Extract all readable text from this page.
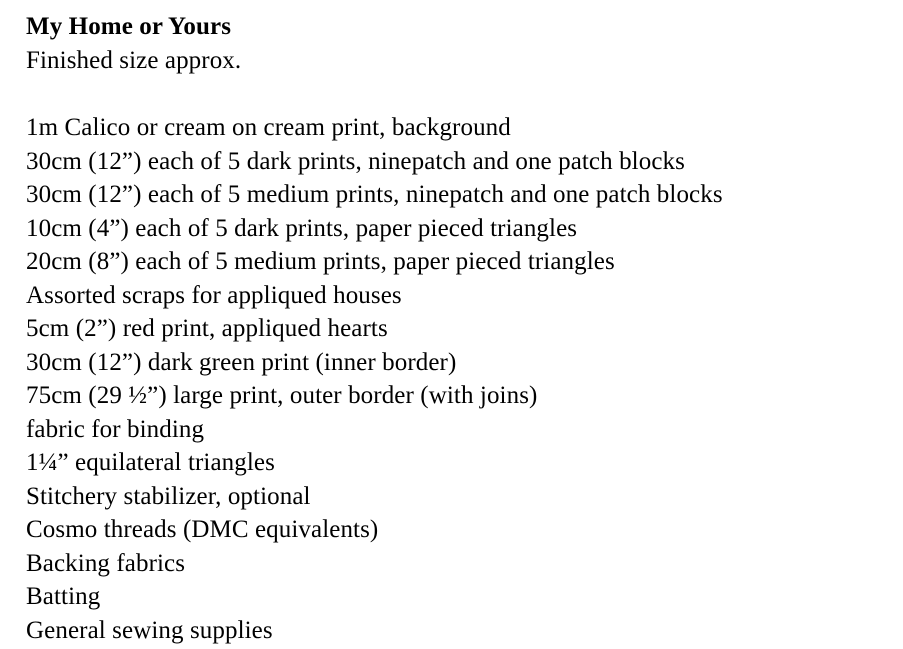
My Home or Yours

Finished size approx.

1m Calico or cream on cream print, background
30cm (12”) each of 5 dark prints, ninepatch and one patch blocks
30cm (12”) each of 5 medium prints, ninepatch and one patch blocks
10cm (4”) each of 5 dark prints, paper pieced triangles
20cm (8”) each of 5 medium prints, paper pieced triangles
Assorted scraps for appliqued houses
5cm (2”) red print, appliqued hearts
30cm (12”) dark green print (inner border)
75cm (29 ½”) large print, outer border (with joins)
fabric for binding
1¼” equilateral triangles
Stitchery stabilizer, optional
Cosmo threads (DMC equivalents)
Backing fabrics
Batting
General sewing supplies
